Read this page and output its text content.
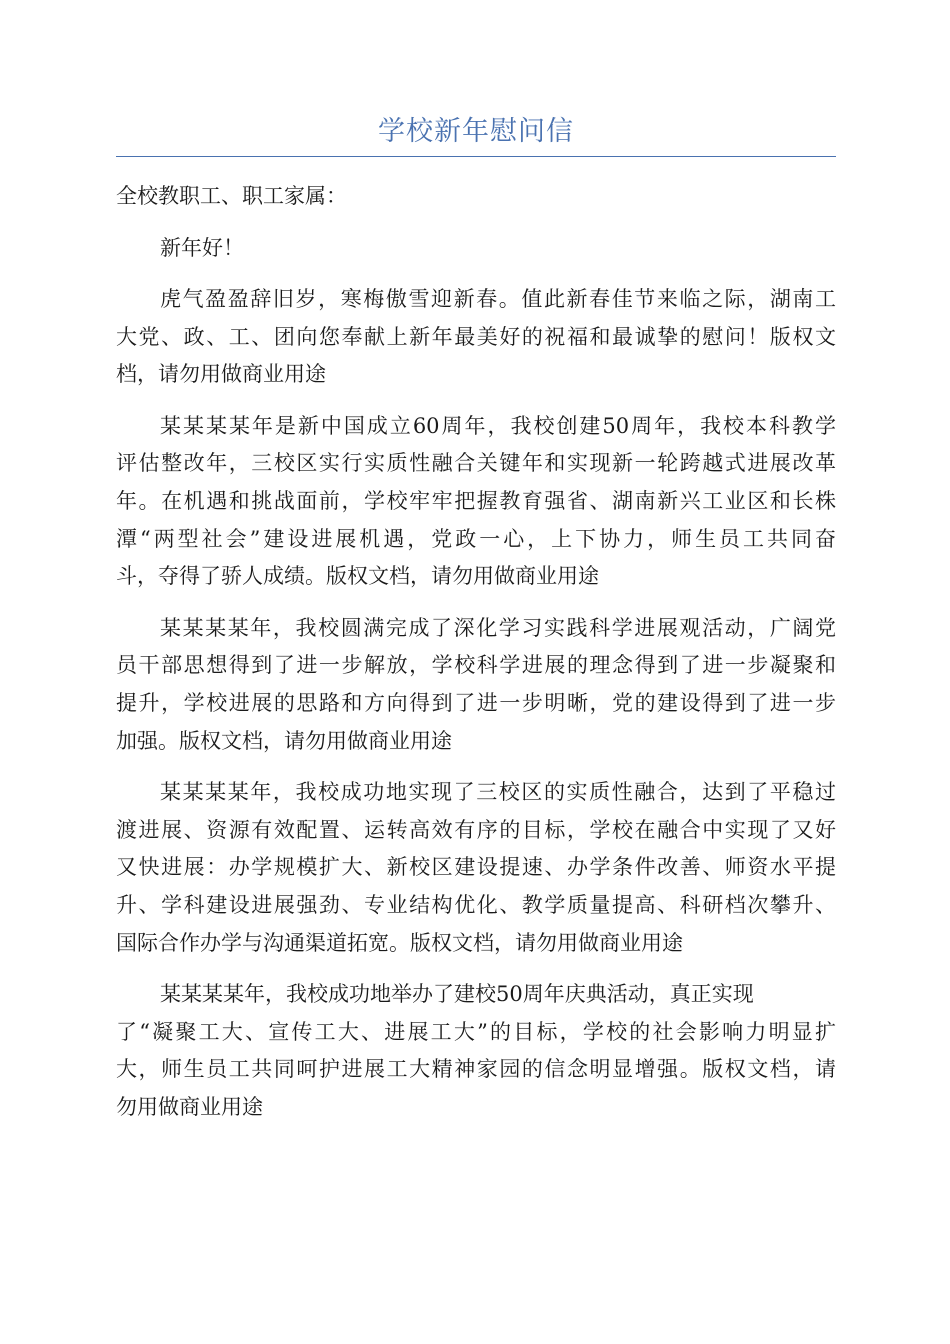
学校新年慰问信
全校教职工、职工家属：
新年好！
虎气盈盈辞旧岁，寒梅傲雪迎新春。值此新春佳节来临之际，湖南工
大党、政、工、团向您奉献上新年最美好的祝福和最诚挚的慰问！版权文
档，请勿用做商业用途
某某某某年是新中国成立60周年，我校创建50周年，我校本科教学
评估整改年，三校区实行实质性融合关键年和实现新一轮跨越式进展改革
年。在机遇和挑战面前，学校牢牢把握教育强省、湖南新兴工业区和长株
潭“两型社会”建设进展机遇，党政一心，上下协力，师生员工共同奋
斗，夺得了骄人成绩。版权文档，请勿用做商业用途
某某某某年，我校圆满完成了深化学习实践科学进展观活动，广阔党
员干部思想得到了进一步解放，学校科学进展的理念得到了进一步凝聚和
提升，学校进展的思路和方向得到了进一步明晰，党的建设得到了进一步
加强。版权文档，请勿用做商业用途
某某某某年，我校成功地实现了三校区的实质性融合，达到了平稳过
渡进展、资源有效配置、运转高效有序的目标，学校在融合中实现了又好
又快进展：办学规模扩大、新校区建设提速、办学条件改善、师资水平提
升、学科建设进展强劲、专业结构优化、教学质量提高、科研档次攀升、
国际合作办学与沟通渠道拓宽。版权文档，请勿用做商业用途
某某某某年，我校成功地举办了建校50周年庆典活动，真正实现
了“凝聚工大、宣传工大、进展工大”的目标，学校的社会影响力明显扩
大，师生员工共同呵护进展工大精神家园的信念明显增强。版权文档，请
勿用做商业用途
